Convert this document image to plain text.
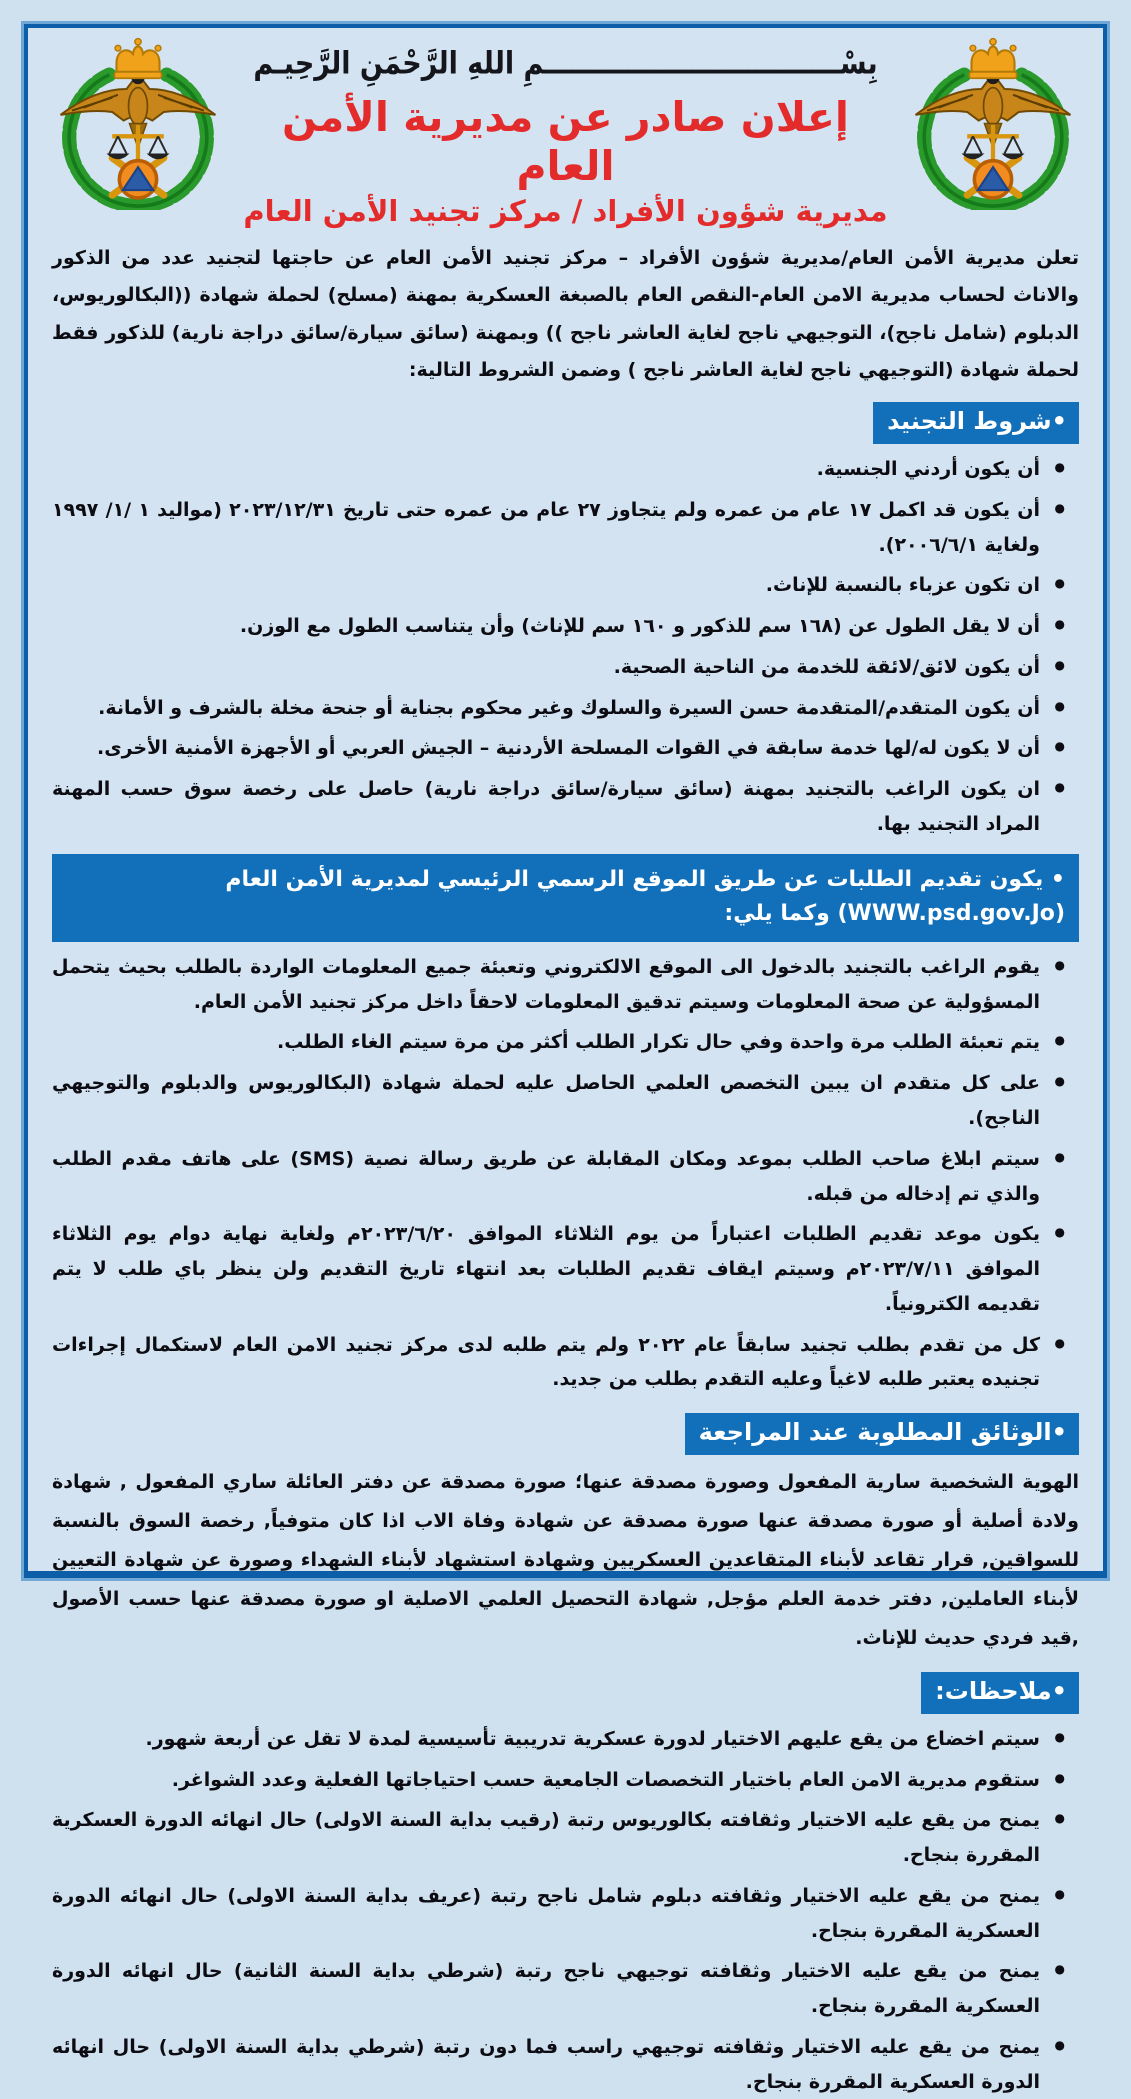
بِسْــــــــــــــــــــــــــــــــمِ اللهِ الرَّحْمَنِ الرَّحِيـم
إعلان صادر عن مديرية الأمن العام
مديرية شؤون الأفراد / مركز تجنيد الأمن العام

تعلن مديرية الأمن العام/مديرية شؤون الأفراد – مركز تجنيد الأمن العام عن حاجتها لتجنيد عدد من الذكور والاناث لحساب مديرية الامن العام-النقص العام بالصبغة العسكرية بمهنة (مسلح) لحملة شهادة ((البكالوريوس، الدبلوم (شامل ناجح)، التوجيهي ناجح لغاية العاشر ناجح )) وبمهنة (سائق سيارة/سائق دراجة نارية) للذكور فقط لحملة شهادة (التوجيهي ناجح لغاية العاشر ناجح ) وضمن الشروط التالية:

•شروط التجنيد
● أن يكون أردني الجنسية.
● أن يكون قد اكمل ١٧ عام من عمره ولم يتجاوز ٢٧ عام من عمره حتى تاريخ ٢٠٢٣/١٢/٣١ (مواليد ١ /١/ ١٩٩٧ ولغاية ٢٠٠٦/٦/١).
● ان تكون عزباء بالنسبة للإناث.
● أن لا يقل الطول عن (١٦٨ سم للذكور و ١٦٠ سم للإناث) وأن يتناسب الطول مع الوزن.
● أن يكون لائق/لائقة للخدمة من الناحية الصحية.
● أن يكون المتقدم/المتقدمة حسن السيرة والسلوك وغير محكوم بجناية أو جنحة مخلة بالشرف و الأمانة.
● أن لا يكون له/لها خدمة سابقة في القوات المسلحة الأردنية – الجيش العربي أو الأجهزة الأمنية الأخرى.
● ان يكون الراغب بالتجنيد بمهنة (سائق سيارة/سائق دراجة نارية) حاصل على رخصة سوق حسب المهنة المراد التجنيد بها.
• يكون تقديم الطلبات عن طريق الموقع الرسمي الرئيسي لمديرية الأمن العام (WWW.psd.gov.Jo) وكما يلي:
● يقوم الراغب بالتجنيد بالدخول الى الموقع الالكتروني وتعبئة جميع المعلومات الواردة بالطلب بحيث يتحمل المسؤولية عن صحة المعلومات وسيتم تدقيق المعلومات لاحقاً داخل مركز تجنيد الأمن العام.
● يتم تعبئة الطلب مرة واحدة وفي حال تكرار الطلب أكثر من مرة سيتم الغاء الطلب.
● على كل متقدم ان يبين التخصص العلمي الحاصل عليه لحملة شهادة (البكالوريوس والدبلوم والتوجيهي الناجح).
● سيتم ابلاغ صاحب الطلب بموعد ومكان المقابلة عن طريق رسالة نصية (SMS) على هاتف مقدم الطلب والذي تم إدخاله من قبله.
● يكون موعد تقديم الطلبات اعتباراً من يوم الثلاثاء الموافق ٢٠٢٣/٦/٢٠م ولغاية نهاية دوام يوم الثلاثاء الموافق ٢٠٢٣/٧/١١م وسيتم ايقاف تقديم الطلبات بعد انتهاء تاريخ التقديم ولن ينظر باي طلب لا يتم تقديمه الكترونياً.
● كل من تقدم بطلب تجنيد سابقاً عام ٢٠٢٢ ولم يتم طلبه لدى مركز تجنيد الامن العام لاستكمال إجراءات تجنيده يعتبر طلبه لاغياً وعليه التقدم بطلب من جديد.
•الوثائق المطلوبة عند المراجعة

الهوية الشخصية سارية المفعول وصورة مصدقة عنها؛ صورة مصدقة عن دفتر العائلة ساري المفعول , شهادة ولادة أصلية أو صورة مصدقة عنها صورة مصدقة عن شهادة وفاة الاب اذا كان متوفياً, رخصة السوق بالنسبة للسواقين, قرار تقاعد لأبناء المتقاعدين العسكريين وشهادة استشهاد لأبناء الشهداء وصورة عن شهادة التعيين لأبناء العاملين, دفتر خدمة العلم مؤجل, شهادة التحصيل العلمي الاصلية او صورة مصدقة عنها حسب الأصول ,قيد فردي حديث للإناث.

•ملاحظات:
● سيتم اخضاع من يقع عليهم الاختيار لدورة عسكرية تدريبية تأسيسية لمدة لا تقل عن أربعة شهور.
● ستقوم مديرية الامن العام باختيار التخصصات الجامعية حسب احتياجاتها الفعلية وعدد الشواغر.
● يمنح من يقع عليه الاختيار وثقافته بكالوريوس رتبة (رقيب بداية السنة الاولى) حال انهائه الدورة العسكرية المقررة بنجاح.
● يمنح من يقع عليه الاختيار وثقافته دبلوم شامل ناجح رتبة (عريف بداية السنة الاولى) حال انهائه الدورة العسكرية المقررة بنجاح.
● يمنح من يقع عليه الاختيار وثقافته توجيهي ناجح رتبة (شرطي بداية السنة الثانية) حال انهائه الدورة العسكرية المقررة بنجاح.
● يمنح من يقع عليه الاختيار وثقافته توجيهي راسب فما دون رتبة (شرطي بداية السنة الاولى) حال انهائه الدورة العسكرية المقررة بنجاح.
